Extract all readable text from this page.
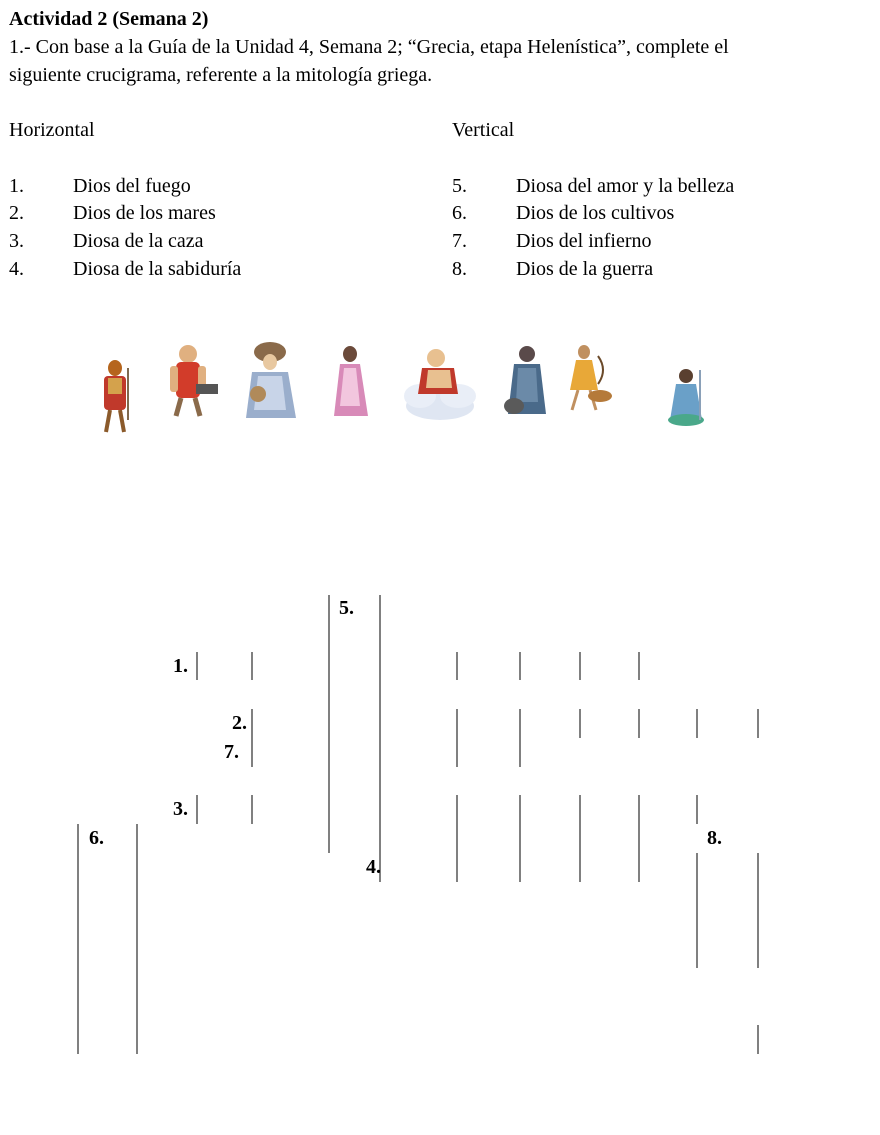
Actividad 2 (Semana 2)
1.- Con base a la Guía de la Unidad 4, Semana 2; “Grecia, etapa Helenística”, complete el
siguiente crucigrama, referente a la mitología griega.
Horizontal	Vertical
1. Dios del fuego
2. Dios de los mares
3. Diosa de la caza
4. Diosa de la sabiduría
5. Diosa del amor y la belleza
6. Dios de los cultivos
7. Dios del infierno
8. Dios de la guerra
5.
1.
2.
7.
3.
6.	8.
4.
